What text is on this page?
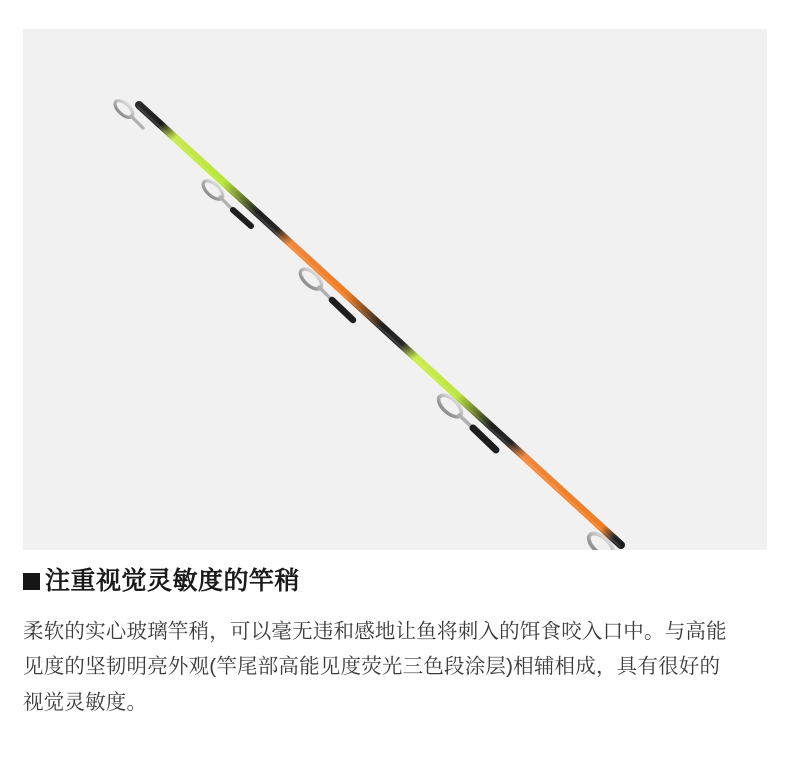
注重视觉灵敏度的竿稍

柔软的实心玻璃竿稍，可以毫无违和感地让鱼将刺入的饵食咬入口中。与高能见度的坚韧明亮外观(竿尾部高能见度荧光三色段涂层)相辅相成，具有很好的视觉灵敏度。
